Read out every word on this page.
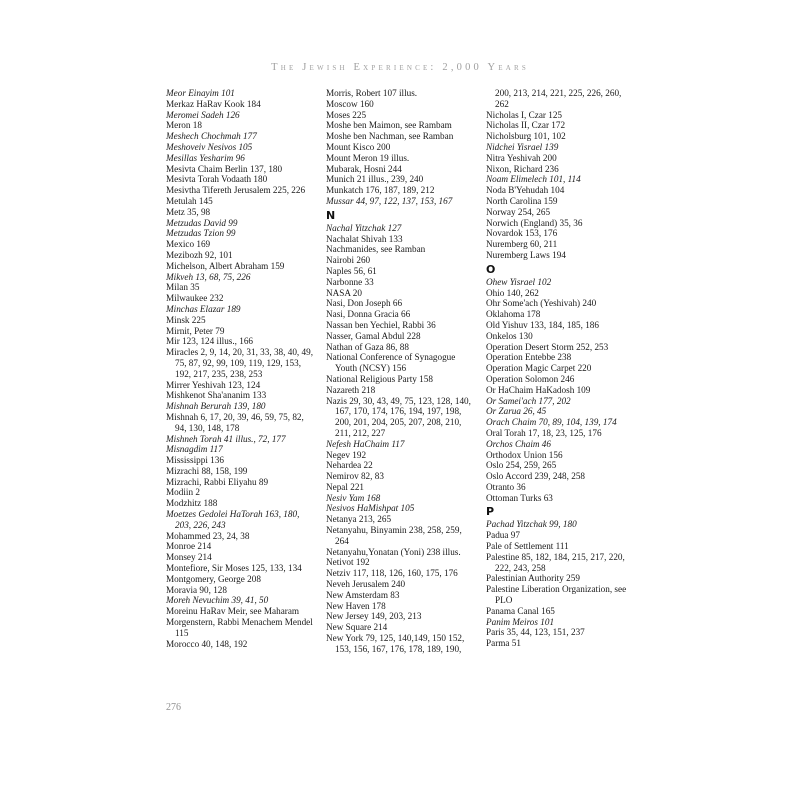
The Jewish Experience: 2,000 Years
Meor Einayim 101
Merkaz HaRav Kook 184
Meromei Sadeh 126
Meron 18
Meshech Chochmah 177
Meshoveiv Nesivos 105
Mesillas Yesharim 96
Mesivta Chaim Berlin 137, 180
Mesivta Torah Vodaath 180
Mesivtha Tifereth Jerusalem 225, 226
Metulah 145
Metz 35, 98
Metzudas David 99
Metzudas Tzion 99
Mexico 169
Mezibozh 92, 101
Michelson, Albert Abraham 159
Mikveh 13, 68, 75, 226
Milan 35
Milwaukee 232
Minchas Elazar 189
Minsk 225
Mirnit, Peter 79
Mir 123, 124 illus., 166
Miracles 2, 9, 14, 20, 31, 33, 38, 40, 49, 75, 87, 92, 99, 109, 119, 129, 153, 192, 217, 235, 238, 253
Mirrer Yeshivah 123, 124
Mishkenot Sha'ananim 133
Mishnah Berurah 139, 180
Mishnah 6, 17, 20, 39, 46, 59, 75, 82, 94, 130, 148, 178
Mishneh Torah 41 illus., 72, 177
Misnagdim 117
Mississippi 136
Mizrachi 88, 158, 199
Mizrachi, Rabbi Eliyahu 89
Modiin 2
Modzhitz 188
Moetzes Gedolei HaTorah 163, 180, 203, 226, 243
Mohammed 23, 24, 38
Monroe 214
Monsey 214
Montefiore, Sir Moses 125, 133, 134
Montgomery, George 208
Moravia 90, 128
Moreh Nevuchim 39, 41, 50
Moreinu HaRav Meir, see Maharam
Morgenstern, Rabbi Menachem Mendel 115
Morocco 40, 148, 192
Morris, Robert 107 illus.
Moscow 160
Moses 225
Moshe ben Maimon, see Rambam
Moshe ben Nachman, see Ramban
Mount Kisco 200
Mount Meron 19 illus.
Mubarak, Hosni 244
Munich 21 illus., 239, 240
Munkatch 176, 187, 189, 212
Mussar 44, 97, 122, 137, 153, 167
N
Nachal Yitzchak 127
Nachalat Shivah 133
Nachmanides, see Ramban
Nairobi 260
Naples 56, 61
Narbonne 33
NASA 20
Nasi, Don Joseph 66
Nasi, Donna Gracia 66
Nassan ben Yechiel, Rabbi 36
Nasser, Gamal Abdul 228
Nathan of Gaza 86, 88
National Conference of Synagogue Youth (NCSY) 156
National Religious Party 158
Nazareth 218
Nazis 29, 30, 43, 49, 75, 123, 128, 140, 167, 170, 174, 176, 194, 197, 198, 200, 201, 204, 205, 207, 208, 210, 211, 212, 227
Nefesh HaChaim 117
Negev 192
Nehardea 22
Nemirov 82, 83
Nepal 221
Nesiv Yam 168
Nesivos HaMishpat 105
Netanya 213, 265
Netanyahu, Binyamin 238, 258, 259, 264
Netanyahu,Yonatan (Yoni) 238 illus.
Netivot 192
Netziv 117, 118, 126, 160, 175, 176
Neveh Jerusalem 240
New Amsterdam 83
New Haven 178
New Jersey 149, 203, 213
New Square 214
New York 79, 125, 140,149, 150 152, 153, 156, 167, 176, 178, 189, 190,
200, 213, 214, 221, 225, 226, 260, 262
Nicholas I, Czar 125
Nicholas II, Czar 172
Nicholsburg 101, 102
Nidchei Yisrael 139
Nitra Yeshivah 200
Nixon, Richard 236
Noam Elimelech 101, 114
Noda B'Yehudah 104
North Carolina 159
Norway 254, 265
Norwich (England) 35, 36
Novardok 153, 176
Nuremberg 60, 211
Nuremberg Laws 194
O
Ohew Yisrael 102
Ohio 140, 262
Ohr Some'ach (Yeshivah) 240
Oklahoma 178
Old Yishuv 133, 184, 185, 186
Onkelos 130
Operation Desert Storm 252, 253
Operation Entebbe 238
Operation Magic Carpet 220
Operation Solomon 246
Or HaChaim HaKadosh 109
Or Samei'ach 177, 202
Or Zarua 26, 45
Orach Chaim 70, 89, 104, 139, 174
Oral Torah 17, 18, 23, 125, 176
Orchos Chaim 46
Orthodox Union 156
Oslo 254, 259, 265
Oslo Accord 239, 248, 258
Otranto 36
Ottoman Turks 63
P
Pachad Yitzchak 99, 180
Padua 97
Pale of Settlement 111
Palestine 85, 182, 184, 215, 217, 220, 222, 243, 258
Palestinian Authority 259
Palestine Liberation Organization, see PLO
Panama Canal 165
Panim Meiros 101
Paris 35, 44, 123, 151, 237
Parma 51
276
